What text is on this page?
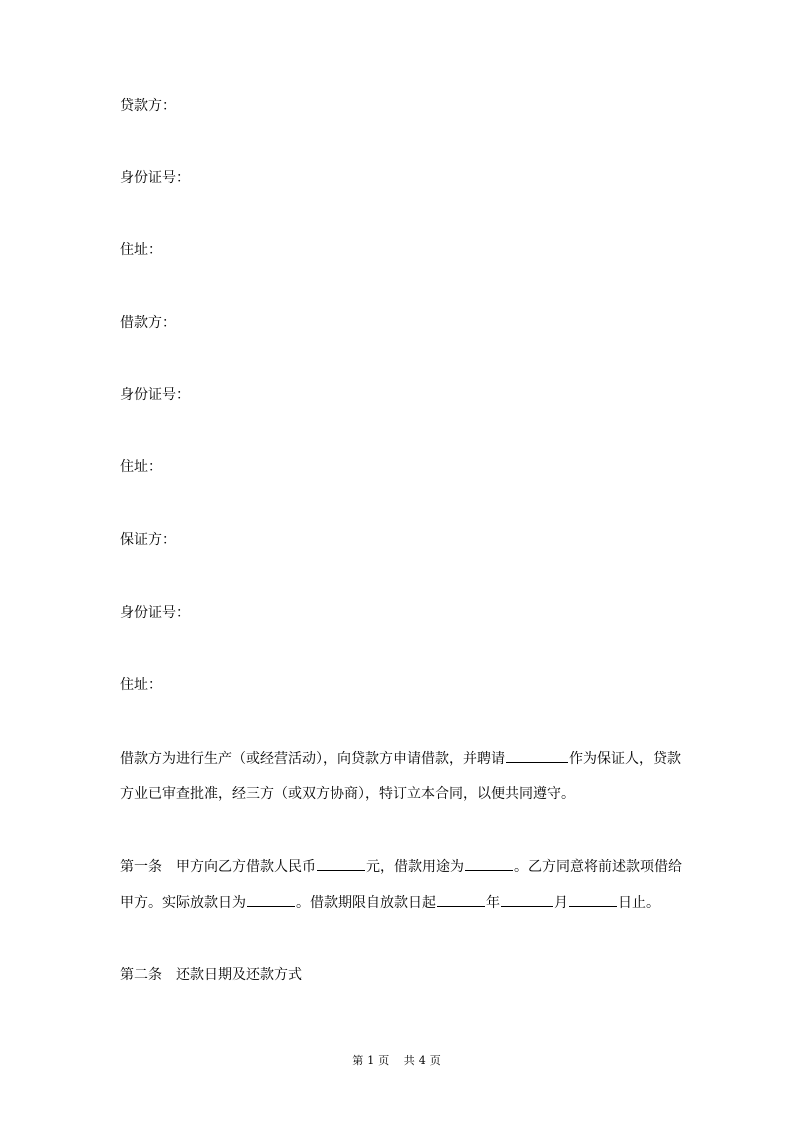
贷款方：
身份证号：
住址：
借款方：
身份证号：
住址：
保证方：
身份证号：
住址：
借款方为进行生产（或经营活动），向贷款方申请借款，并聘请	作为保证人，贷款
方业已审查批准，经三方（或双方协商），特订立本合同，以便共同遵守。
第一条 甲方向乙方借款人民币	元，借款用途为	。乙方同意将前述款项借给
甲方。实际放款日为	。借款期限自放款日起	年	月	日止。
第二条 还款日期及还款方式
第 1 页 共 4 页
